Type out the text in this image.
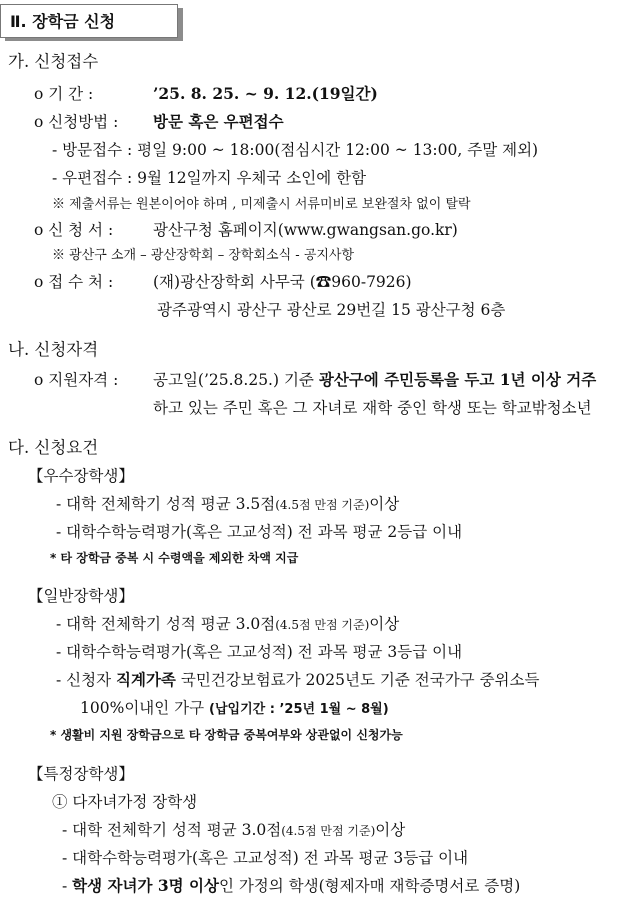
Ⅱ. 장학금 신청
가. 신청접수
o 기 간 :	’25. 8. 25. ~ 9. 12.(19일간)
o 신청방법 : 방문 혹은 우편접수
- 방문접수 : 평일 9:00 ~ 18:00(점심시간 12:00 ~ 13:00, 주말 제외)
- 우편접수 : 9월 12일까지 우체국 소인에 한함
※ 제출서류는 원본이어야 하며 , 미제출시 서류미비로 보완절차 없이 탈락
o 신 청 서 :	광산구청 홈페이지(www.gwangsan.go.kr)
※ 광산구 소개 – 광산장학회 – 장학회소식 - 공지사항
o 접 수 처 :	(재)광산장학회 사무국 (☎960-7926)
광주광역시 광산구 광산로 29번길 15 광산구청 6층
나. 신청자격
o 지원자격 : 공고일(’25.8.25.) 기준 광산구에 주민등록을 두고 1년 이상 거주
하고 있는 주민 혹은 그 자녀로 재학 중인 학생 또는 학교밖청소년
다. 신청요건
【우수장학생】
- 대학 전체학기 성적 평균 3.5점(4.5점 만점 기준)이상
- 대학수학능력평가(혹은 고교성적) 전 과목 평균 2등급 이내
* 타 장학금 중복 시 수령액을 제외한 차액 지급
【일반장학생】
- 대학 전체학기 성적 평균 3.0점(4.5점 만점 기준)이상
- 대학수학능력평가(혹은 고교성적) 전 과목 평균 3등급 이내
- 신청자 직계가족 국민건강보험료가 2025년도 기준 전국가구 중위소득
100%이내인 가구 (납입기간 : ’25년 1월 ~ 8월)
* 생활비 지원 장학금으로 타 장학금 중복여부와 상관없이 신청가능
【특정장학생】
① 다자녀가정 장학생
- 대학 전체학기 성적 평균 3.0점(4.5점 만점 기준)이상
- 대학수학능력평가(혹은 고교성적) 전 과목 평균 3등급 이내
- 학생 자녀가 3명 이상인 가정의 학생(형제자매 재학증명서로 증명)
